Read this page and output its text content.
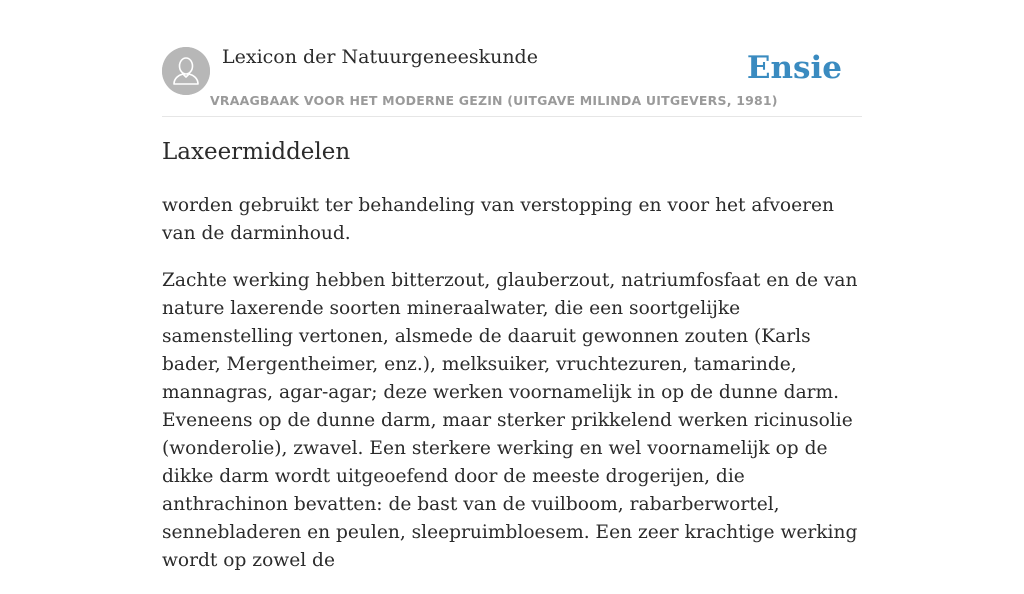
Lexicon der Natuurgeneeskunde
VRAAGBAAK VOOR HET MODERNE GEZIN (UITGAVE MILINDA UITGEVERS, 1981)
Ensie
Laxeermiddelen

worden gebruikt ter behandeling van verstopping en voor het afvoeren van de darminhoud.

Zachte werking hebben bitterzout, glauberzout, natriumfosfaat en de van nature laxerende soorten mineraalwater, die een soortgelijke samenstelling vertonen, alsmede de daaruit gewonnen zouten (Karls bader, Mergentheimer, enz.), melksuiker, vruchtezuren, tamarinde, mannagras, agar-agar; deze werken voornamelijk in op de dunne darm. Eveneens op de dunne darm, maar sterker prikkelend werken ricinusolie (wonderolie), zwavel. Een sterkere werking en wel voornamelijk op de dikke darm wordt uitgeoefend door de meeste drogerijen, die anthrachinon bevatten: de bast van de vuilboom, rabarberwortel, sennebladeren en peulen, sleepruimbloesem. Een zeer krachtige werking wordt op zowel de
